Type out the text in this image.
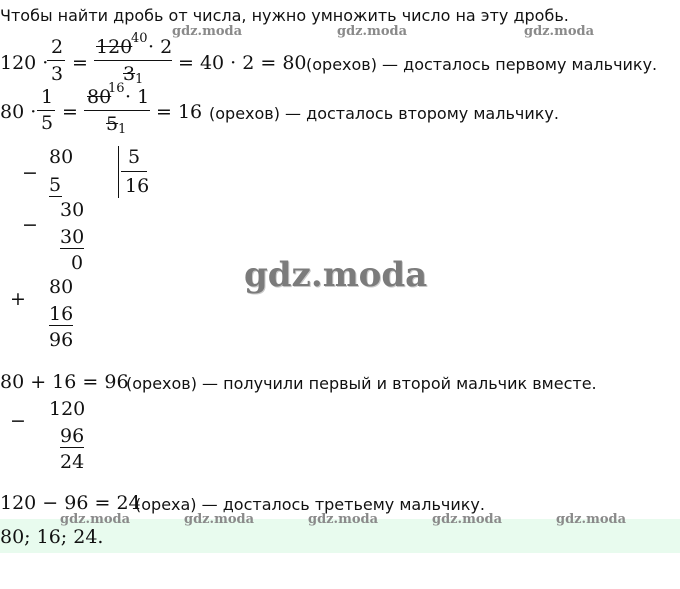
Чтобы найти дробь от числа, нужно умножить число на эту дробь.
gdz.moda	gdz.moda	gdz.moda
gdz.moda
120 ·
2
3 =
120
40 · 2
3 1
= 40 · 2 = 80 (орехов) — досталось первому мальчику.
80 ·
1
5 =
80
16 · 1
5 1
= 16 (орехов) — досталось второму мальчику.
−
80
5
5
16
−
30
30
0
+
80
16
96
80 + 16 = 96
(орехов) — получили первый и второй мальчик вместе.
−
120
96
24
120 − 96 = 24
(ореха) — досталось третьему мальчику.
gdz.moda	gdz.moda	gdz.moda	gdz.moda	gdz.moda
80; 16; 24.
